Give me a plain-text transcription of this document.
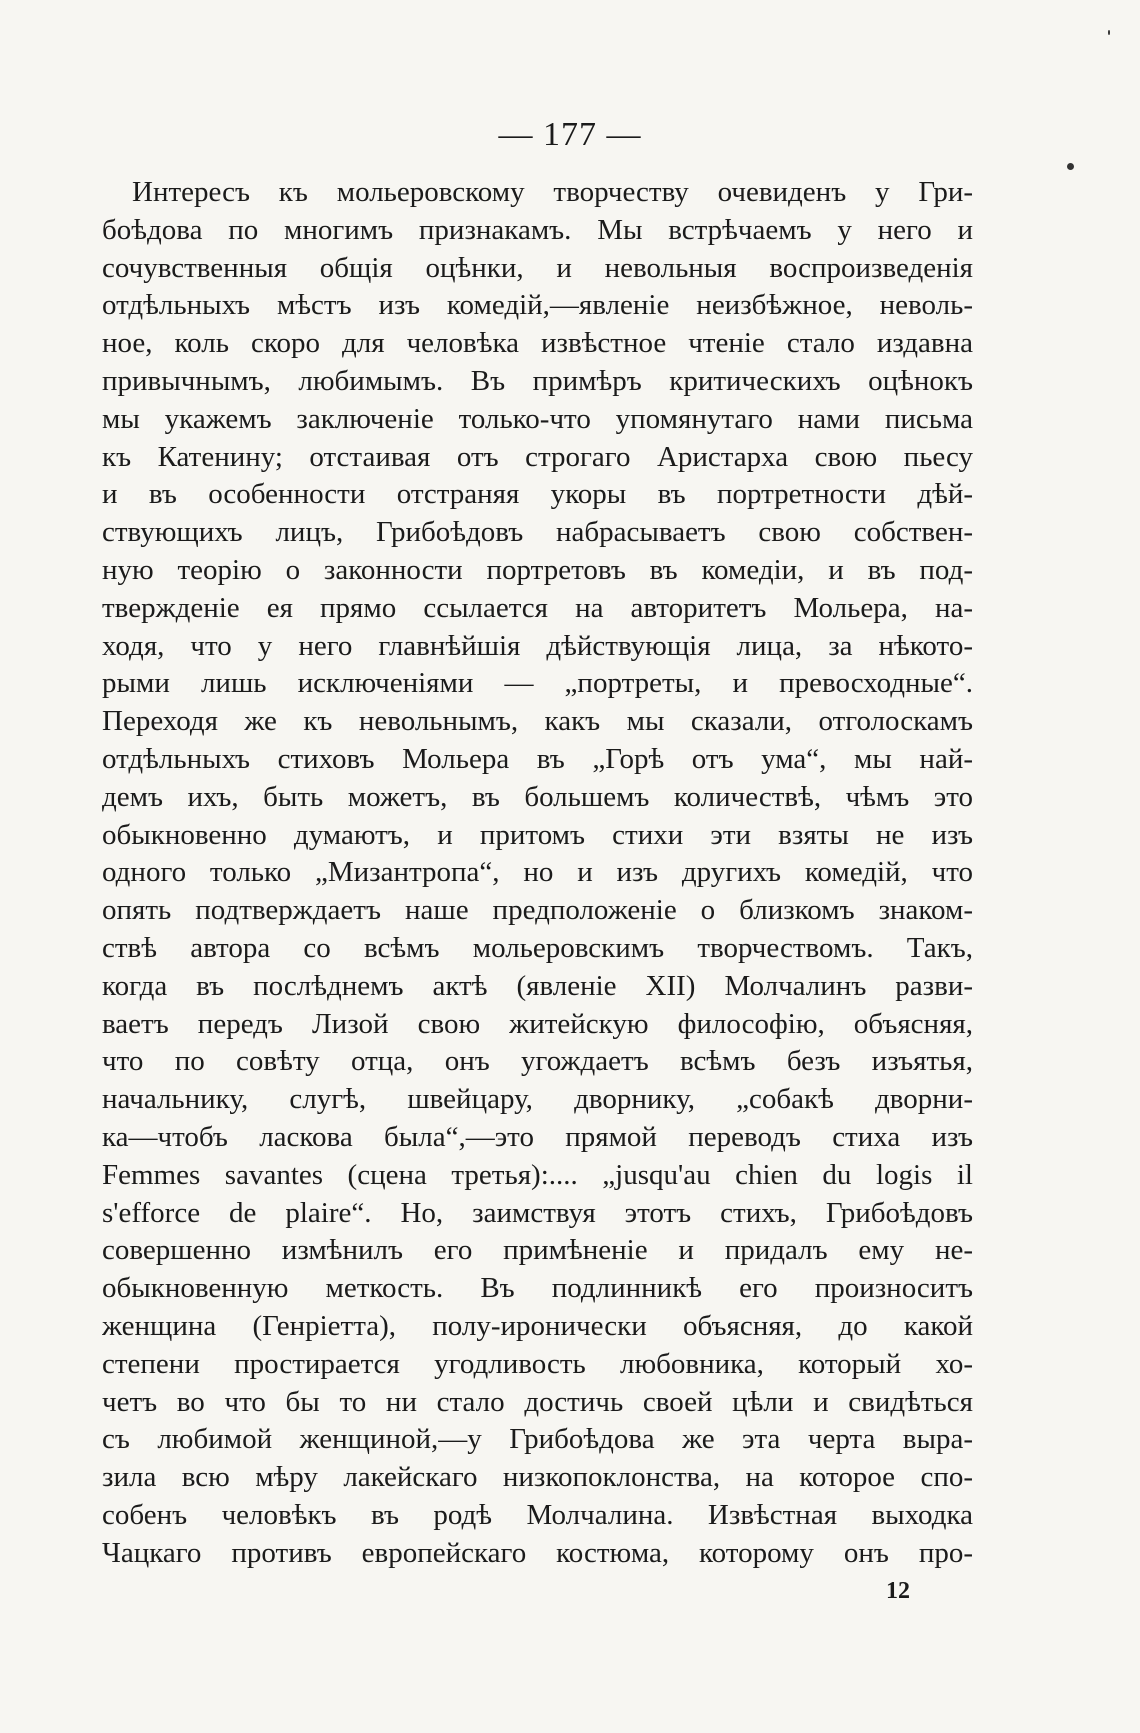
— 177 —
Интересъ къ мольеровскому творчеству очевиденъ у Гри-
боѣдова по многимъ признакамъ. Мы встрѣчаемъ у него и
сочувственныя общія оцѣнки, и невольныя воспроизведенія
отдѣльныхъ мѣстъ изъ комедій,—явленіе неизбѣжное, неволь-
ное, коль скоро для человѣка извѣстное чтеніе стало издавна
привычнымъ, любимымъ. Въ примѣръ критическихъ оцѣнокъ
мы укажемъ заключеніе только-что упомянутаго нами письма
къ Катенину; отстаивая отъ строгаго Аристарха свою пьесу
и въ особенности отстраняя укоры въ портретности дѣй-
ствующихъ лицъ, Грибоѣдовъ набрасываетъ свою собствен-
ную теорію о законности портретовъ въ комедіи, и въ под-
твержденіе ея прямо ссылается на авторитетъ Мольера, на-
ходя, что у него главнѣйшія дѣйствующія лица, за нѣкото-
рыми лишь исключеніями — „портреты, и превосходные“.
Переходя же къ невольнымъ, какъ мы сказали, отголоскамъ
отдѣльныхъ стиховъ Мольера въ „Горѣ отъ ума“, мы най-
демъ ихъ, быть можетъ, въ большемъ количествѣ, чѣмъ это
обыкновенно думаютъ, и притомъ стихи эти взяты не изъ
одного только „Мизантропа“, но и изъ другихъ комедій, что
опять подтверждаетъ наше предположеніе о близкомъ знаком-
ствѣ автора со всѣмъ мольеровскимъ творчествомъ. Такъ,
когда въ послѣднемъ актѣ (явленіе XII) Молчалинъ разви-
ваетъ передъ Лизой свою житейскую философію, объясняя,
что по совѣту отца, онъ угождаетъ всѣмъ безъ изъятья,
начальнику, слугѣ, швейцару, дворнику, „собакѣ дворни-
ка—чтобъ ласкова была“,—это прямой переводъ стиха изъ
Femmes savantes (сцена третья):.... „jusqu'au chien du logis il
s'efforce de plaire“. Но, заимствуя этотъ стихъ, Грибоѣдовъ
совершенно измѣнилъ его примѣненіе и придалъ ему не-
обыкновенную меткость. Въ подлинникѣ его произноситъ
женщина (Генріетта), полу-иронически объясняя, до какой
степени простирается угодливость любовника, который хо-
четъ во что бы то ни стало достичь своей цѣли и свидѣться
съ любимой женщиной,—у Грибоѣдова же эта черта выра-
зила всю мѣру лакейскаго низкопоклонства, на которое спо-
собенъ человѣкъ въ родѣ Молчалина. Извѣстная выходка
Чацкаго противъ европейскаго костюма, которому онъ про-
12
